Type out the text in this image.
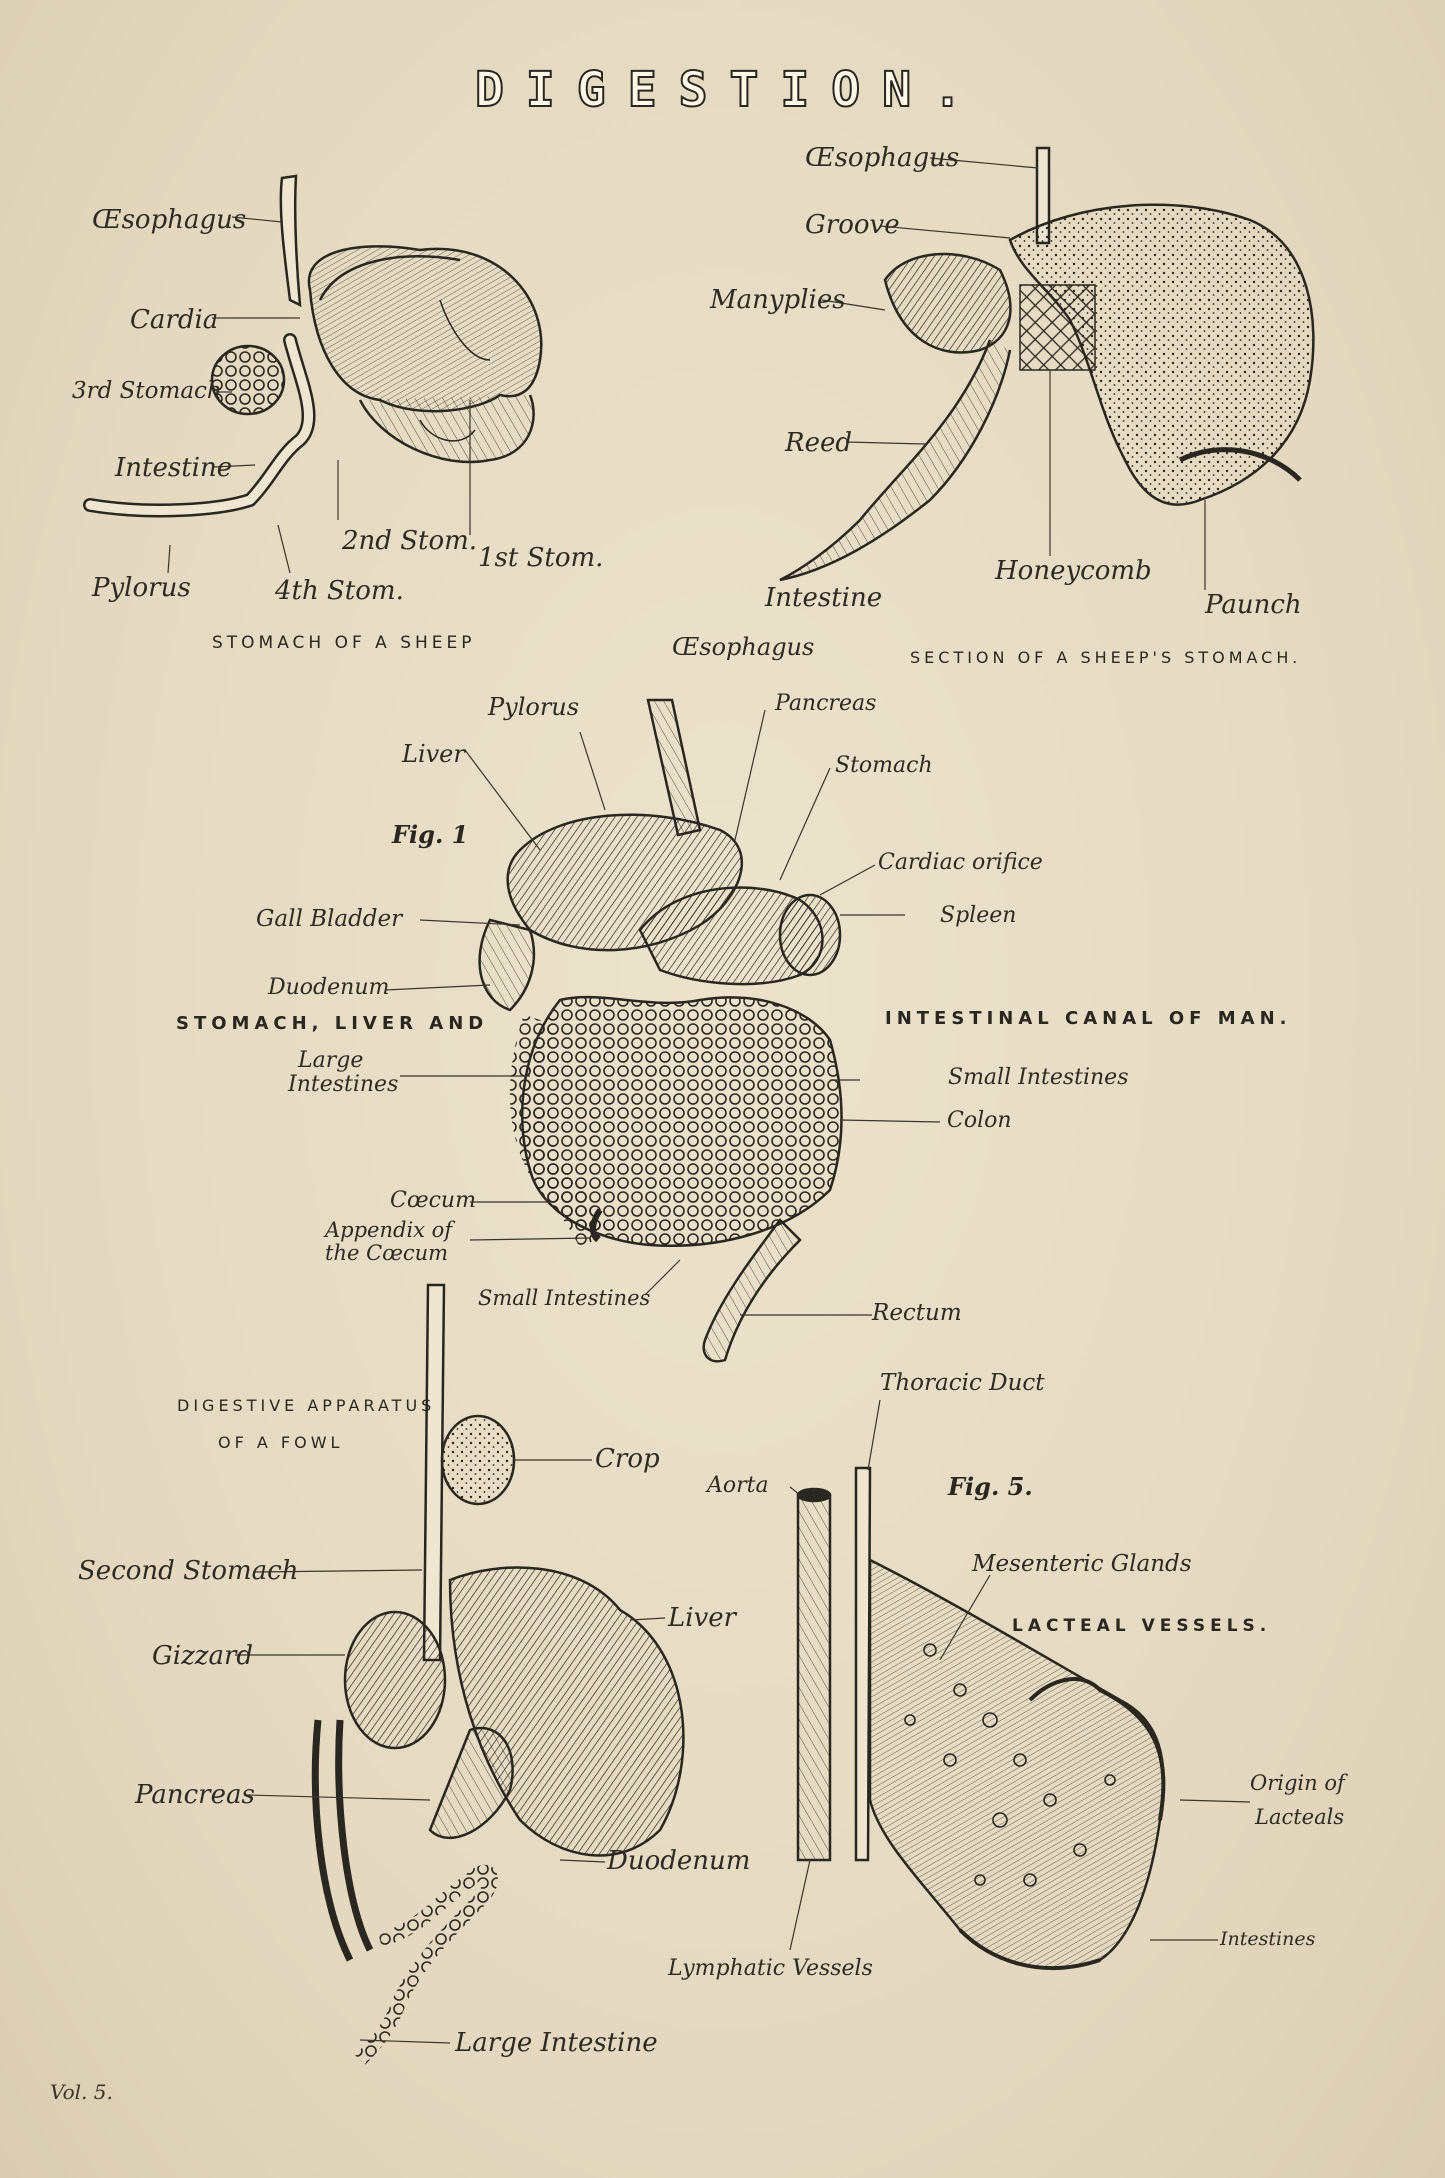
DIGESTION.
Œsophagus
Cardia
3rd Stomach
Intestine
Pylorus	4th Stom.
2nd Stom.
1st Stom.
STOMACH OF A SHEEP
Œsophagus
Groove
Manyplies
Reed
Intestine
Honeycomb
Paunch
SECTION OF A SHEEP'S STOMACH.
Œsophagus
Pylorus	Pancreas
Liver	Stomach
Fig. 1
Cardiac orifice
Gall Bladder	Spleen
Duodenum
STOMACH, LIVER AND	INTESTINAL CANAL OF MAN.
Large
Intestines	Small Intestines
Colon
Cœcum
Appendix of
the Cœcum
Small Intestines
Rectum
Thoracic Duct
DIGESTIVE APPARATUS
OF A FOWL
Crop
Second Stomach
Liver
Gizzard
Pancreas
Duodenum
Large Intestine
Aorta	Fig. 5.
Mesenteric Glands
LACTEAL VESSELS.
Origin of
Lacteals
Intestines
Lymphatic Vessels
Vol. 5.
